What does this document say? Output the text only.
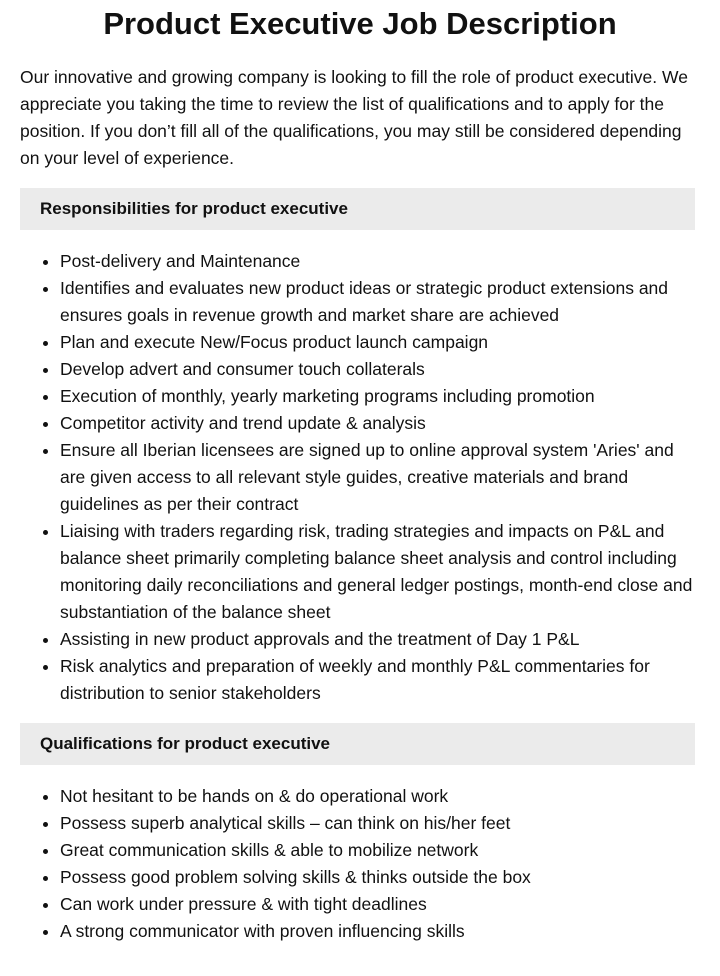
Product Executive Job Description

Our innovative and growing company is looking to fill the role of product executive. We appreciate you taking the time to review the list of qualifications and to apply for the position. If you don’t fill all of the qualifications, you may still be considered depending on your level of experience.

Responsibilities for product executive
• Post-delivery and Maintenance
• Identifies and evaluates new product ideas or strategic product extensions and ensures goals in revenue growth and market share are achieved
• Plan and execute New/Focus product launch campaign
• Develop advert and consumer touch collaterals
• Execution of monthly, yearly marketing programs including promotion
• Competitor activity and trend update & analysis
• Ensure all Iberian licensees are signed up to online approval system 'Aries' and are given access to all relevant style guides, creative materials and brand guidelines as per their contract
• Liaising with traders regarding risk, trading strategies and impacts on P&L and balance sheet primarily completing balance sheet analysis and control including monitoring daily reconciliations and general ledger postings, month-end close and substantiation of the balance sheet
• Assisting in new product approvals and the treatment of Day 1 P&L
• Risk analytics and preparation of weekly and monthly P&L commentaries for distribution to senior stakeholders
Qualifications for product executive
• Not hesitant to be hands on & do operational work
• Possess superb analytical skills – can think on his/her feet
• Great communication skills & able to mobilize network
• Possess good problem solving skills & thinks outside the box
• Can work under pressure & with tight deadlines
• A strong communicator with proven influencing skills
